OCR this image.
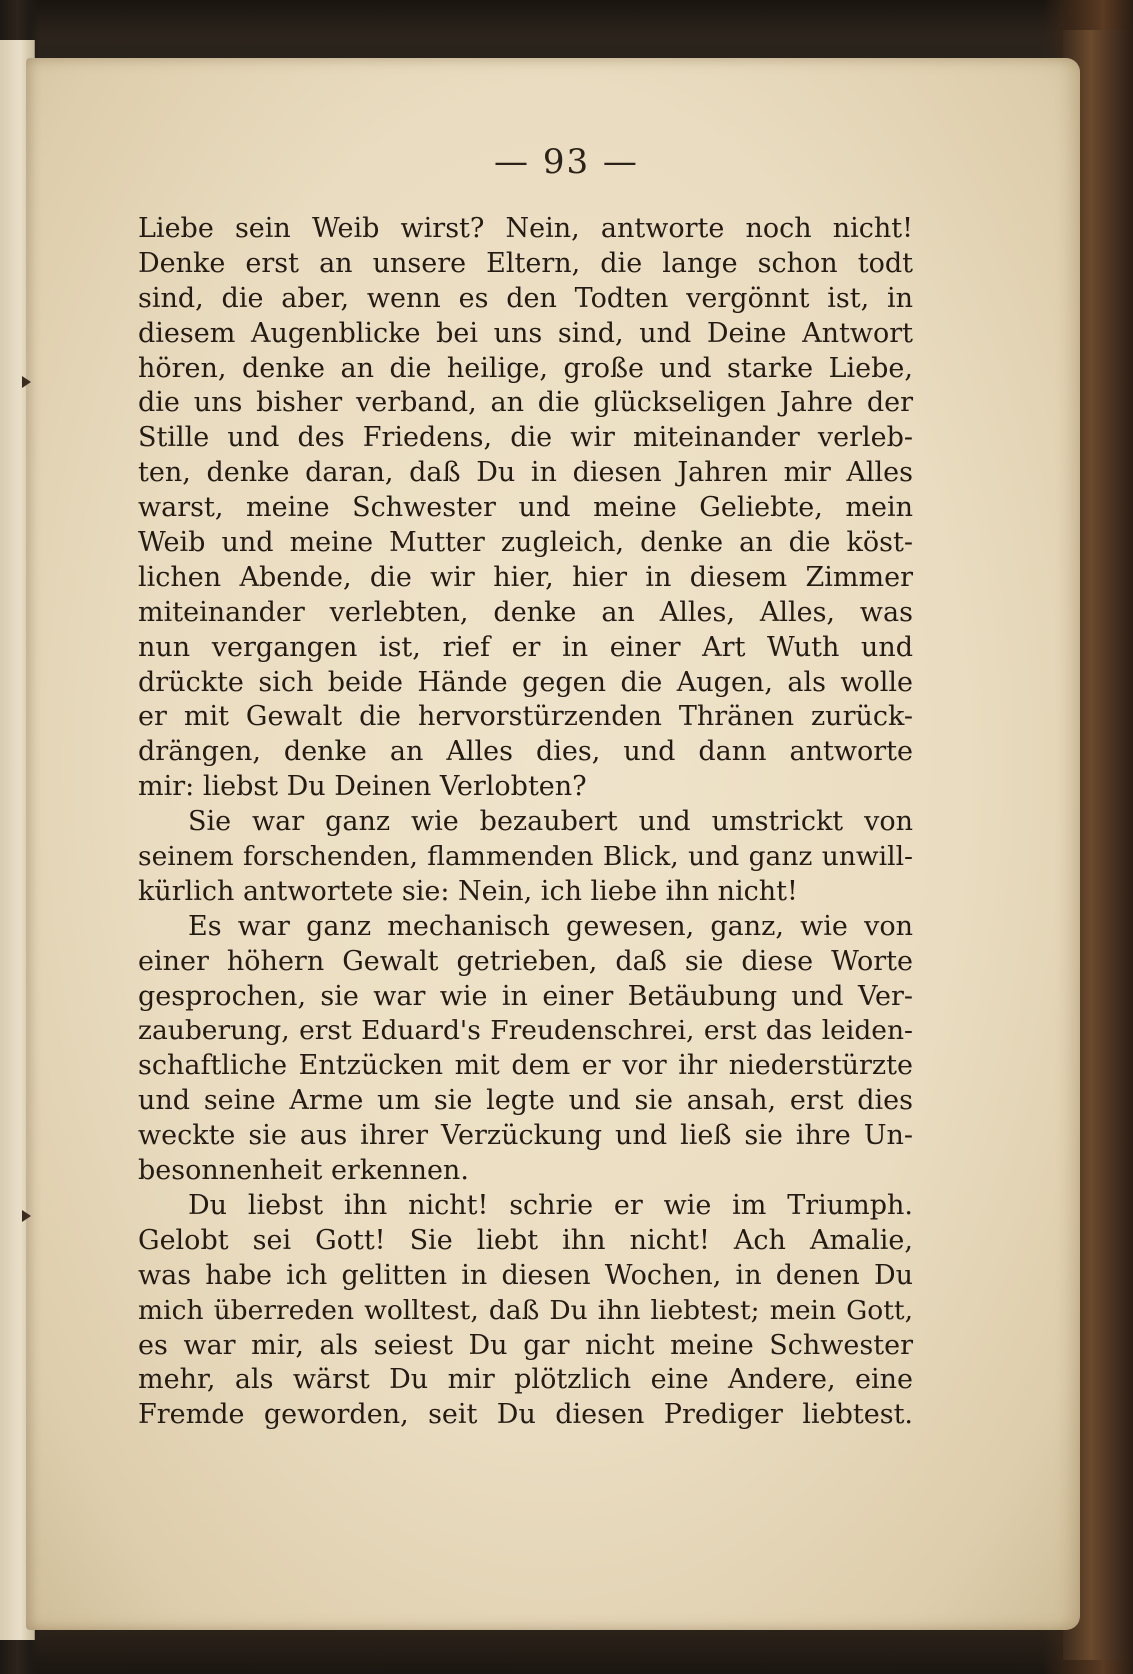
— 93 —
Liebe sein Weib wirst? Nein, antworte noch nicht!
Denke erst an unsere Eltern, die lange schon todt
sind, die aber, wenn es den Todten vergönnt ist, in
diesem Augenblicke bei uns sind, und Deine Antwort
hören, denke an die heilige, große und starke Liebe,
die uns bisher verband, an die glückseligen Jahre der
Stille und des Friedens, die wir miteinander verleb-
ten, denke daran, daß Du in diesen Jahren mir Alles
warst, meine Schwester und meine Geliebte, mein
Weib und meine Mutter zugleich, denke an die köst-
lichen Abende, die wir hier, hier in diesem Zimmer
miteinander verlebten, denke an Alles, Alles, was
nun vergangen ist, rief er in einer Art Wuth und
drückte sich beide Hände gegen die Augen, als wolle
er mit Gewalt die hervorstürzenden Thränen zurück-
drängen, denke an Alles dies, und dann antworte
mir: liebst Du Deinen Verlobten?
Sie war ganz wie bezaubert und umstrickt von
seinem forschenden, flammenden Blick, und ganz unwill-
kürlich antwortete sie: Nein, ich liebe ihn nicht!
Es war ganz mechanisch gewesen, ganz, wie von
einer höhern Gewalt getrieben, daß sie diese Worte
gesprochen, sie war wie in einer Betäubung und Ver-
zauberung, erst Eduard's Freudenschrei, erst das leiden-
schaftliche Entzücken mit dem er vor ihr niederstürzte
und seine Arme um sie legte und sie ansah, erst dies
weckte sie aus ihrer Verzückung und ließ sie ihre Un-
besonnenheit erkennen.
Du liebst ihn nicht! schrie er wie im Triumph.
Gelobt sei Gott! Sie liebt ihn nicht! Ach Amalie,
was habe ich gelitten in diesen Wochen, in denen Du
mich überreden wolltest, daß Du ihn liebtest; mein Gott,
es war mir, als seiest Du gar nicht meine Schwester
mehr, als wärst Du mir plötzlich eine Andere, eine
Fremde geworden, seit Du diesen Prediger liebtest.
